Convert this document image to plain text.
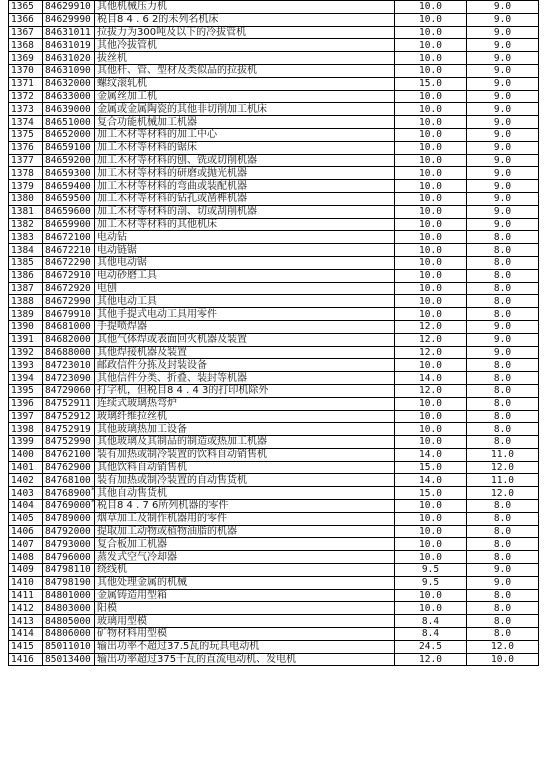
1365	84629910	其他机械压力机	10.0	9.0
1366	84629990	税目8 4 . 6 2的未列名机床	10.0	9.0
1367	84631011	拉拔力为300吨及以下的冷拔管机	10.0	9.0
1368	84631019	其他冷拔管机	10.0	9.0
1369	84631020	拔丝机	10.0	9.0
1370	84631090	其他杆、管、型材及类似品的拉拔机	10.0	9.0
1371	84632000	螺纹滚轧机	15.0	9.0
1372	84633000	金属丝加工机	10.0	9.0
1373	84639000	金属或金属陶瓷的其他非切削加工机床	10.0	9.0
1374	84651000	复合功能机械加工机器	10.0	9.0
1375	84652000	加工木材等材料的加工中心	10.0	9.0
1376	84659100	加工木材等材料的锯床	10.0	9.0
1377	84659200	加工木材等材料的刨、铣或切削机器	10.0	9.0
1378	84659300	加工木材等材料的研磨或抛光机器	10.0	9.0
1379	84659400	加工木材等材料的弯曲或装配机器	10.0	9.0
1380	84659500	加工木材等材料的钻孔或凿榫机器	10.0	9.0
1381	84659600	加工木材等材料的剖、切或刮削机器	10.0	9.0
1382	84659900	加工木材等材料的其他机床	10.0	9.0
1383	84672100	电动钻	10.0	8.0
1384	84672210	电动链锯	10.0	8.0
1385	84672290	其他电动锯	10.0	8.0
1386	84672910	电动砂磨工具	10.0	8.0
1387	84672920	电刨	10.0	8.0
1388	84672990	其他电动工具	10.0	8.0
1389	84679910	其他手提式电动工具用零件	10.0	8.0
1390	84681000	手提喷焊器	12.0	9.0
1391	84682000	其他气体焊或表面回火机器及装置	12.0	9.0
1392	84688000	其他焊接机器及装置	12.0	9.0
1393	84723010	邮政信件分拣及封装设备	10.0	8.0
1394	84723090	其他信件分类、折叠、装封等机器	14.0	8.0
1395	84729060	打字机，但税目8 4 . 4 3的打印机除外	12.0	8.0
1396	84752911	连续式玻璃热弯炉	10.0	8.0
1397	84752912	玻璃纤维拉丝机	10.0	8.0
1398	84752919	其他玻璃热加工设备	10.0	8.0
1399	84752990	其他玻璃及其制品的制造或热加工机器	10.0	8.0
1400	84762100	装有加热或制冷装置的饮料自动销售机	14.0	11.0
1401	84762900	其他饮料自动销售机	15.0	12.0
1402	84768100	装有加热或制冷装置的自动售货机	14.0	11.0
1403	84768900*	其他自动售货机	15.0	12.0
1404	84769000*	税目8 4 . 7 6所列机器的零件	10.0	8.0
1405	84789000	烟草加工及制作机器用的零件	10.0	8.0
1406	84792000	提取加工动物或植物油脂的机器	10.0	8.0
1407	84793000	复合板加工机器	10.0	8.0
1408	84796000	蒸发式空气冷却器	10.0	8.0
1409	84798110	绕线机	9.5	9.0
1410	84798190	其他处理金属的机械	9.5	9.0
1411	84801000	金属铸造用型箱	10.0	8.0
1412	84803000	阳模	10.0	8.0
1413	84805000	玻璃用型模	8.4	8.0
1414	84806000	矿物材料用型模	8.4	8.0
1415	85011010	输出功率不超过37.5瓦的玩具电动机	24.5	12.0
1416	85013400	输出功率超过375千瓦的直流电动机、发电机	12.0	10.0
